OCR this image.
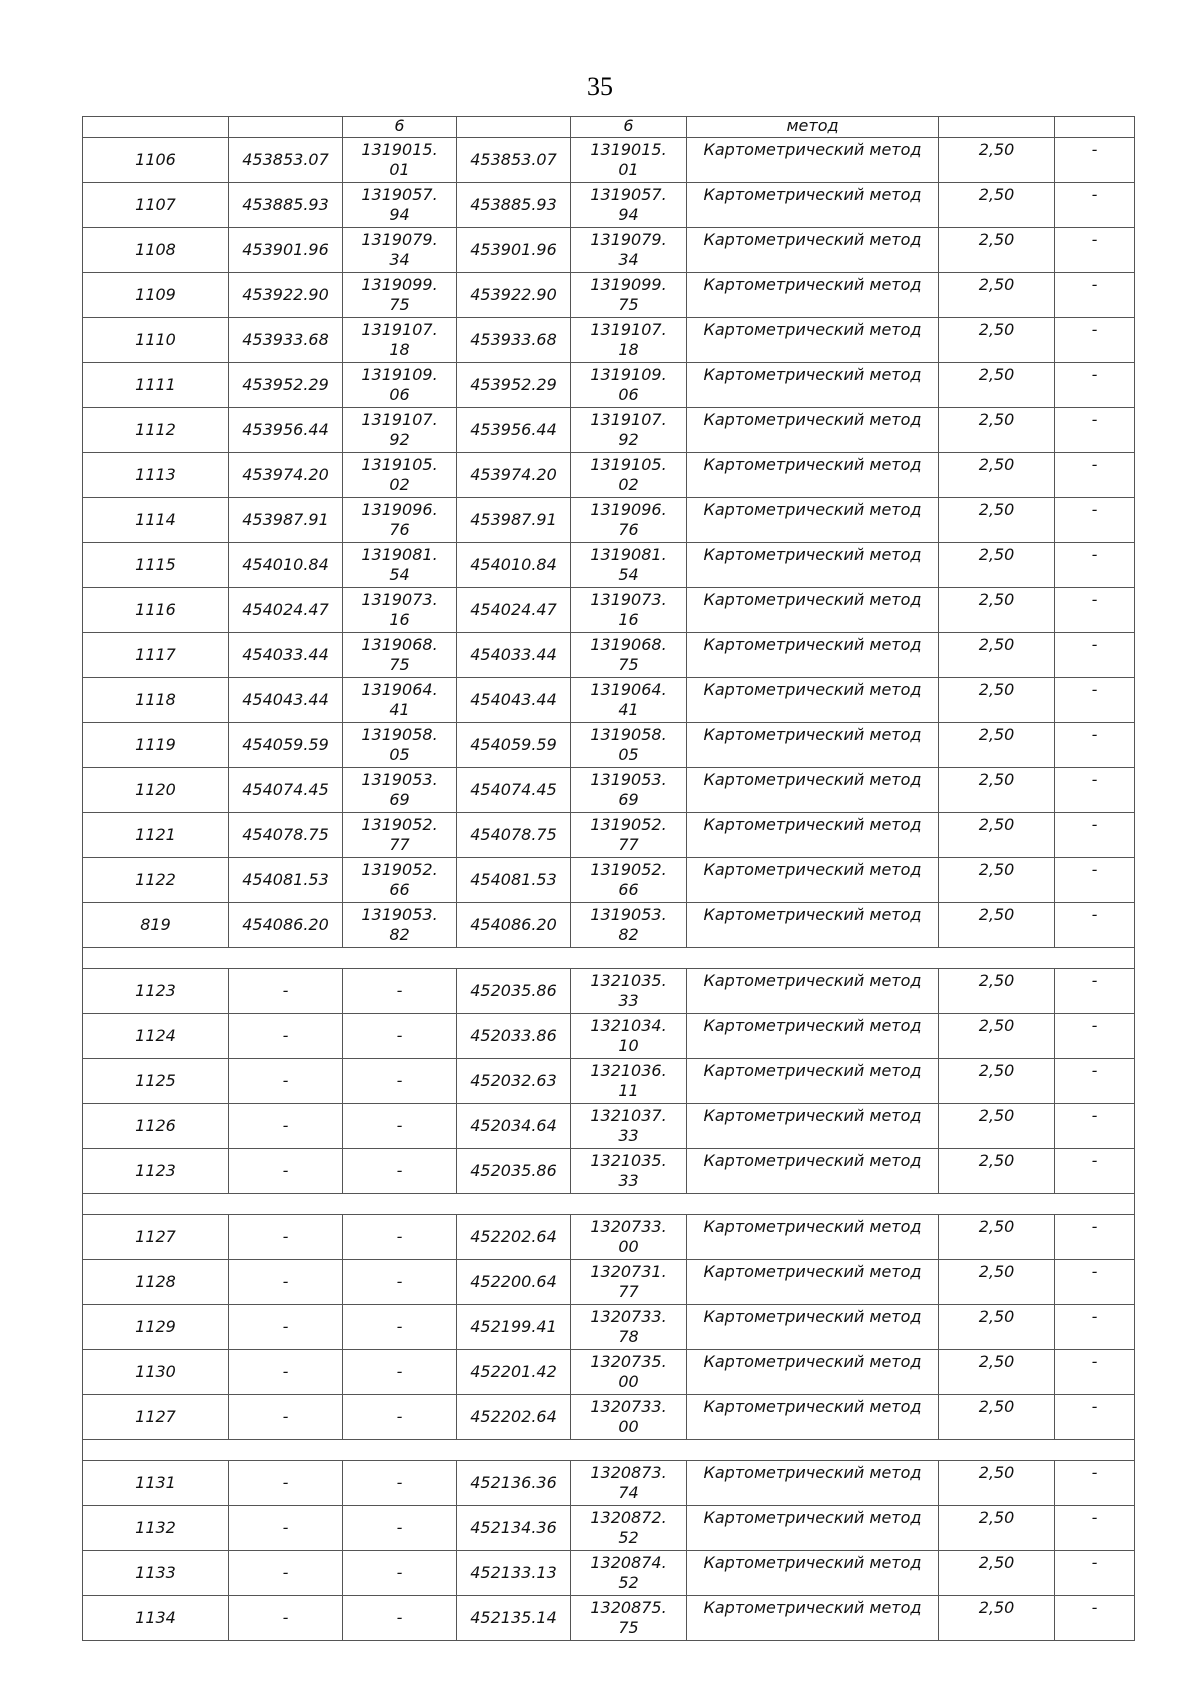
35
		6		6	метод		
1106	453853.07	1319015.01	453853.07	1319015.01	Картометрический метод	2,50	-
1107	453885.93	1319057.94	453885.93	1319057.94	Картометрический метод	2,50	-
1108	453901.96	1319079.34	453901.96	1319079.34	Картометрический метод	2,50	-
1109	453922.90	1319099.75	453922.90	1319099.75	Картометрический метод	2,50	-
1110	453933.68	1319107.18	453933.68	1319107.18	Картометрический метод	2,50	-
1111	453952.29	1319109.06	453952.29	1319109.06	Картометрический метод	2,50	-
1112	453956.44	1319107.92	453956.44	1319107.92	Картометрический метод	2,50	-
1113	453974.20	1319105.02	453974.20	1319105.02	Картометрический метод	2,50	-
1114	453987.91	1319096.76	453987.91	1319096.76	Картометрический метод	2,50	-
1115	454010.84	1319081.54	454010.84	1319081.54	Картометрический метод	2,50	-
1116	454024.47	1319073.16	454024.47	1319073.16	Картометрический метод	2,50	-
1117	454033.44	1319068.75	454033.44	1319068.75	Картометрический метод	2,50	-
1118	454043.44	1319064.41	454043.44	1319064.41	Картометрический метод	2,50	-
1119	454059.59	1319058.05	454059.59	1319058.05	Картометрический метод	2,50	-
1120	454074.45	1319053.69	454074.45	1319053.69	Картометрический метод	2,50	-
1121	454078.75	1319052.77	454078.75	1319052.77	Картометрический метод	2,50	-
1122	454081.53	1319052.66	454081.53	1319052.66	Картометрический метод	2,50	-
819	454086.20	1319053.82	454086.20	1319053.82	Картометрический метод	2,50	-

1123	-	-	452035.86	1321035.33	Картометрический метод	2,50	-
1124	-	-	452033.86	1321034.10	Картометрический метод	2,50	-
1125	-	-	452032.63	1321036.11	Картометрический метод	2,50	-
1126	-	-	452034.64	1321037.33	Картометрический метод	2,50	-
1123	-	-	452035.86	1321035.33	Картометрический метод	2,50	-

1127	-	-	452202.64	1320733.00	Картометрический метод	2,50	-
1128	-	-	452200.64	1320731.77	Картометрический метод	2,50	-
1129	-	-	452199.41	1320733.78	Картометрический метод	2,50	-
1130	-	-	452201.42	1320735.00	Картометрический метод	2,50	-
1127	-	-	452202.64	1320733.00	Картометрический метод	2,50	-

1131	-	-	452136.36	1320873.74	Картометрический метод	2,50	-
1132	-	-	452134.36	1320872.52	Картометрический метод	2,50	-
1133	-	-	452133.13	1320874.52	Картометрический метод	2,50	-
1134	-	-	452135.14	1320875.75	Картометрический метод	2,50	-
